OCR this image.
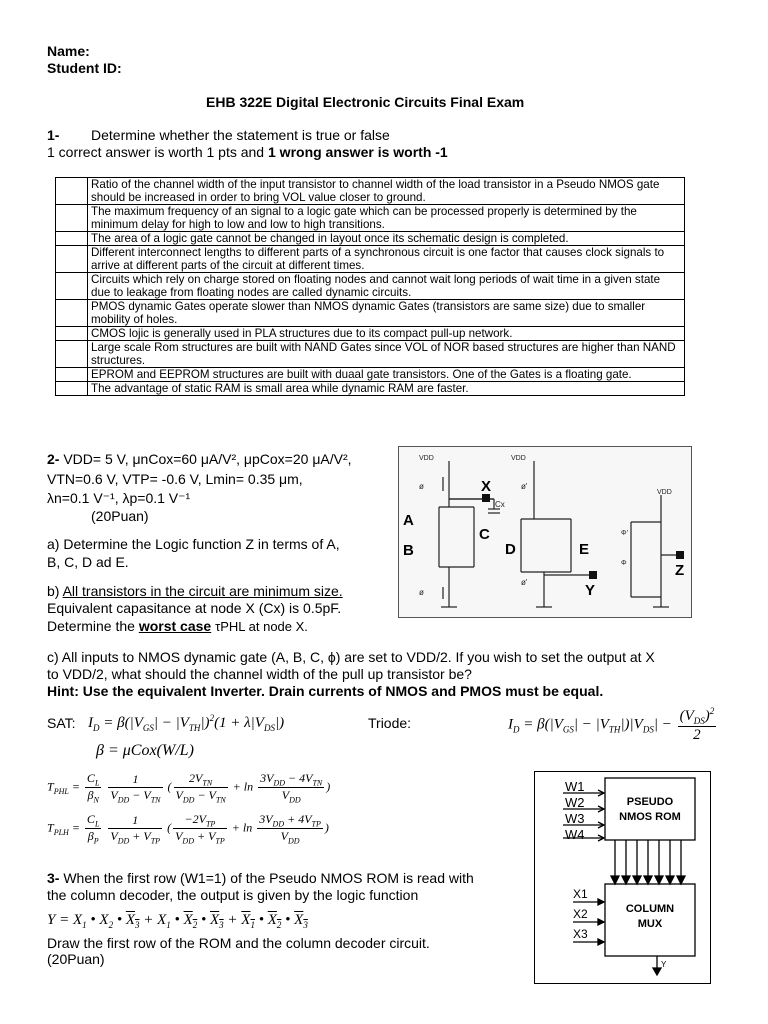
Name:
Student ID:
EHB 322E Digital Electronic Circuits Final Exam
1- Determine whether the statement is true or false
1 correct answer is worth 1 pts and 1 wrong answer is worth -1
	Ratio of the channel width of the input transistor to channel width of the load transistor in a Pseudo NMOS gate should be increased in order to bring VOL value closer to ground.
	The maximum frequency of an signal to a logic gate which can be processed properly is determined by the minimum delay for high to low and low to high transitions.
	The area of a logic gate cannot be changed in layout once its schematic design is completed.
	Different interconnect lengths to different parts of a synchronous circuit is one factor that causes clock signals to arrive at different parts of the circuit at different times.
	Circuits which rely on charge stored on floating nodes and cannot wait long periods of wait time in a given state due to leakage from floating nodes are called dynamic circuits.
	PMOS dynamic Gates operate slower than NMOS dynamic Gates (transistors are same size) due to smaller mobility of holes.
	CMOS lojic is generally used in PLA structures due to its compact pull-up network.
	Large scale Rom structures are built with NAND Gates since VOL of NOR based structures are higher than NAND structures.
	EPROM and EEPROM structures are built with duaal gate transistors. One of the Gates is a floating gate.
	The advantage of static RAM is small area while dynamic RAM are faster.
2- VDD= 5 V, μnCox=60 μA/V², μpCox=20 μA/V²,
VTN=0.6 V, VTP= -0.6 V, Lmin= 0.35 μm,
λn=0.1 V⁻¹, λp=0.1 V⁻¹
(20Puan)
a) Determine the Logic function Z in terms of A,
B, C, D ad E.
b) All transistors in the circuit are minimum size.
Equivalent capasitance at node X (Cx) is 0.5pF.
Determine the worst case τPHL at node X.
VDD	VDD
VDD
Cx
ø	ø'
ø
ø'
Φ'
Φ
X
A
B
C
D	E
Y
Z
c) All inputs to NMOS dynamic gate (A, B, C, ϕ) are set to VDD/2. If you wish to set the output at X
to VDD/2, what should the channel width of the pull up transistor be?
Hint: Use the equivalent Inverter. Drain currents of NMOS and PMOS must be equal.
SAT: $I_D = \beta(|V_{GS}| - |V_{TH}|)^2(1 + \lambda|V_{DS}|)$	Triode:	$I_D = \beta(|V_{GS}| - |V_{TH}|)|V_{DS}| - \frac{(V_{DS})^2}{2}$
β = μCox(W/L)
$T_{PHL} = \frac{C_L}{\beta_N}$
$\frac{1}{V_{DD} - V_{TN}}$ ( $\frac{2V_{TN}}{V_{DD} - V_{TN}} + \ln \frac{3V_{DD} - 4V_{TN}}{V_{DD}}$ )
$T_{PLH} = \frac{C_L}{\beta_P}$
$\frac{1}{V_{DD} + V_{TP}}$ ( $\frac{-2V_{TP}}{V_{DD} + V_{TP}} + \ln \frac{3V_{DD} + 4V_{TP}}{V_{DD}}$ )
3- When the first row (W1=1) of the Pseudo NMOS ROM is read with
the column decoder, the output is given by the logic function
$Y = X_1$ • $X_2$ • $X_3 + X_1$ • $X_2$ • $X_3 + X_1$ • $X_2$ • $X_3$
Draw the first row of the ROM and the column decoder circuit.
(20Puan)
W1
W2
W3
W4
PSEUDO
NMOS ROM
COLUMN
MUX
X1
X2
X3
Y
